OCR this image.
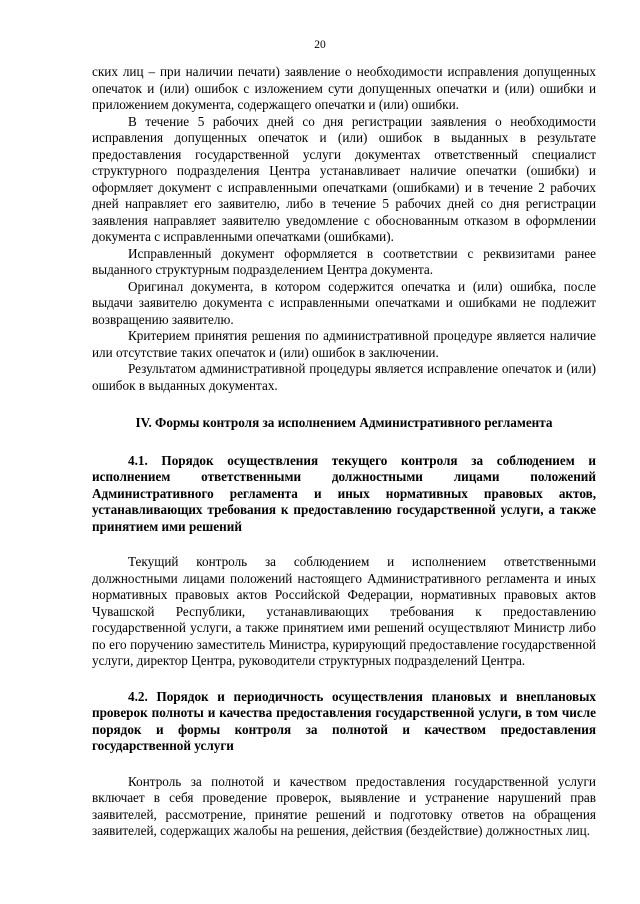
20

ских лиц – при наличии печати) заявление о необходимости исправления допущенных опечаток и (или) ошибок с изложением сути допущенных опечатки и (или) ошибки и приложением документа, содержащего опечатки и (или) ошибки.

В течение 5 рабочих дней со дня регистрации заявления о необходимости исправления допущенных опечаток и (или) ошибок в выданных в результате предоставления государственной услуги документах ответственный специалист структурного подразделения Центра устанавливает наличие опечатки (ошибки) и оформляет документ с исправленными опечатками (ошибками) и в течение 2 рабочих дней направляет его заявителю, либо в течение 5 рабочих дней со дня регистрации заявления направляет заявителю уведомление с обоснованным отказом в оформлении документа с исправленными опечатками (ошибками).

Исправленный документ оформляется в соответствии с реквизитами ранее выданного структурным подразделением Центра документа.

Оригинал документа, в котором содержится опечатка и (или) ошибка, после выдачи заявителю документа с исправленными опечатками и ошибками не подлежит возвращению заявителю.

Критерием принятия решения по административной процедуре является наличие или отсутствие таких опечаток и (или) ошибок в заключении.

Результатом административной процедуры является исправление опечаток и (или) ошибок в выданных документах.

IV. Формы контроля за исполнением Административного регламента

4.1. Порядок осуществления текущего контроля за соблюдением и исполнением ответственными должностными лицами положений Административного регламента и иных нормативных правовых актов, устанавливающих требования к предоставлению государственной услуги, а также принятием ими решений

Текущий контроль за соблюдением и исполнением ответственными должностными лицами положений настоящего Административного регламента и иных нормативных правовых актов Российской Федерации, нормативных правовых актов Чувашской Республики, устанавливающих требования к предоставлению государственной услуги, а также принятием ими решений осуществляют Министр либо по его поручению заместитель Министра, курирующий предоставление государственной услуги, директор Центра, руководители структурных подразделений Центра.

4.2. Порядок и периодичность осуществления плановых и внеплановых проверок полноты и качества предоставления государственной услуги, в том числе порядок и формы контроля за полнотой и качеством предоставления государственной услуги

Контроль за полнотой и качеством предоставления государственной услуги включает в себя проведение проверок, выявление и устранение нарушений прав заявителей, рассмотрение, принятие решений и подготовку ответов на обращения заявителей, содержащих жалобы на решения, действия (бездействие) должностных лиц.
